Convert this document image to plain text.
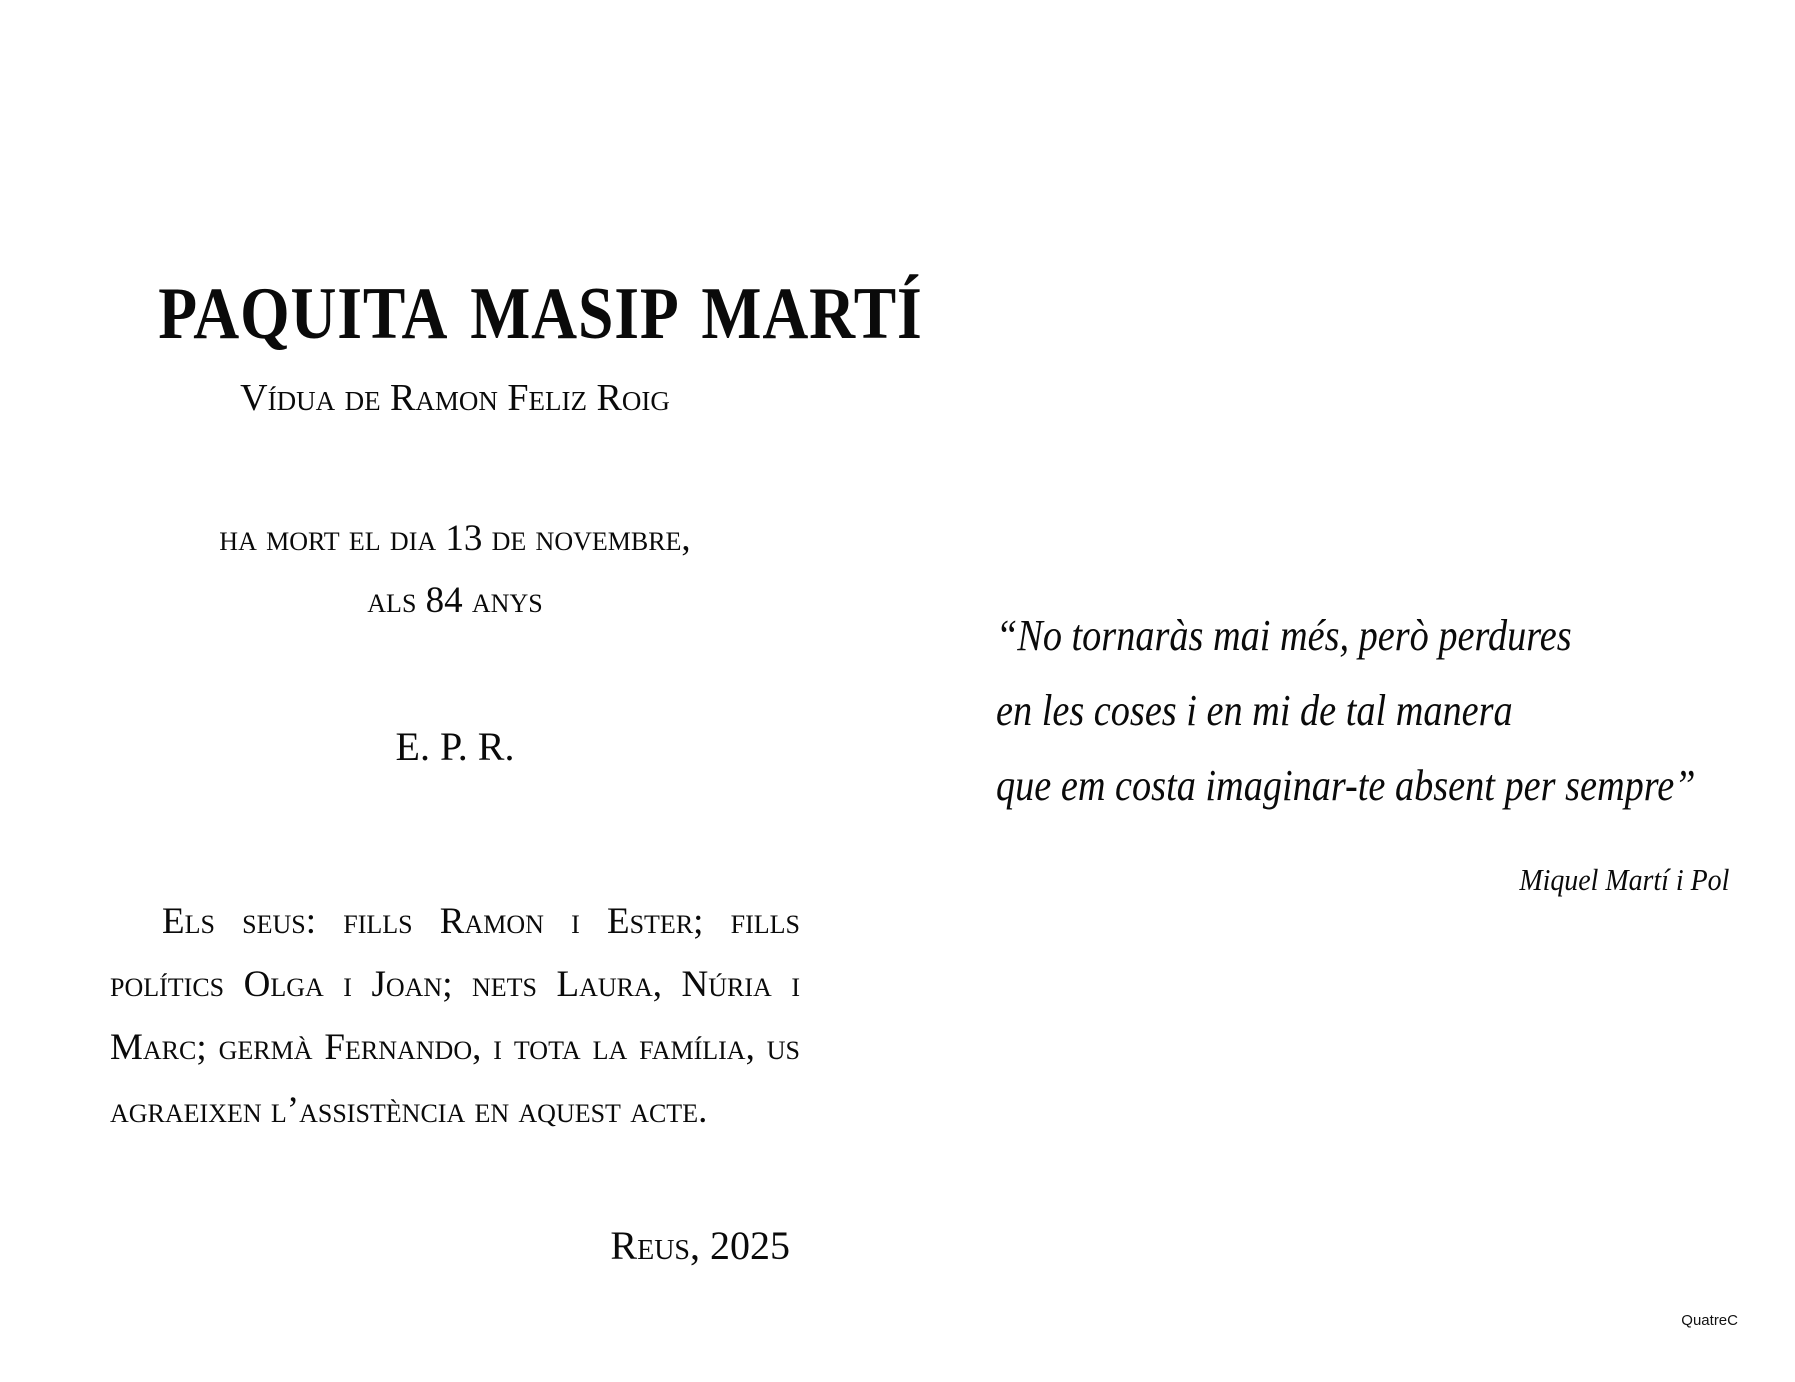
PAQUITA MASIP MARTÍ
Vídua de Ramon Feliz Roig
ha mort el dia 13 de novembre,
als 84 anys
E. P. R.
Els seus: fills Ramon i Ester; fills polítics Olga i Joan; nets Laura, Núria i Marc; germà Fernando, i tota la família, us agraeixen l’assistència en aquest acte.
Reus, 2025
“No tornaràs mai més, però perdures
en les coses i en mi de tal manera
que em costa imaginar-te absent per sempre”
Miquel Martí i Pol
QuatreC
